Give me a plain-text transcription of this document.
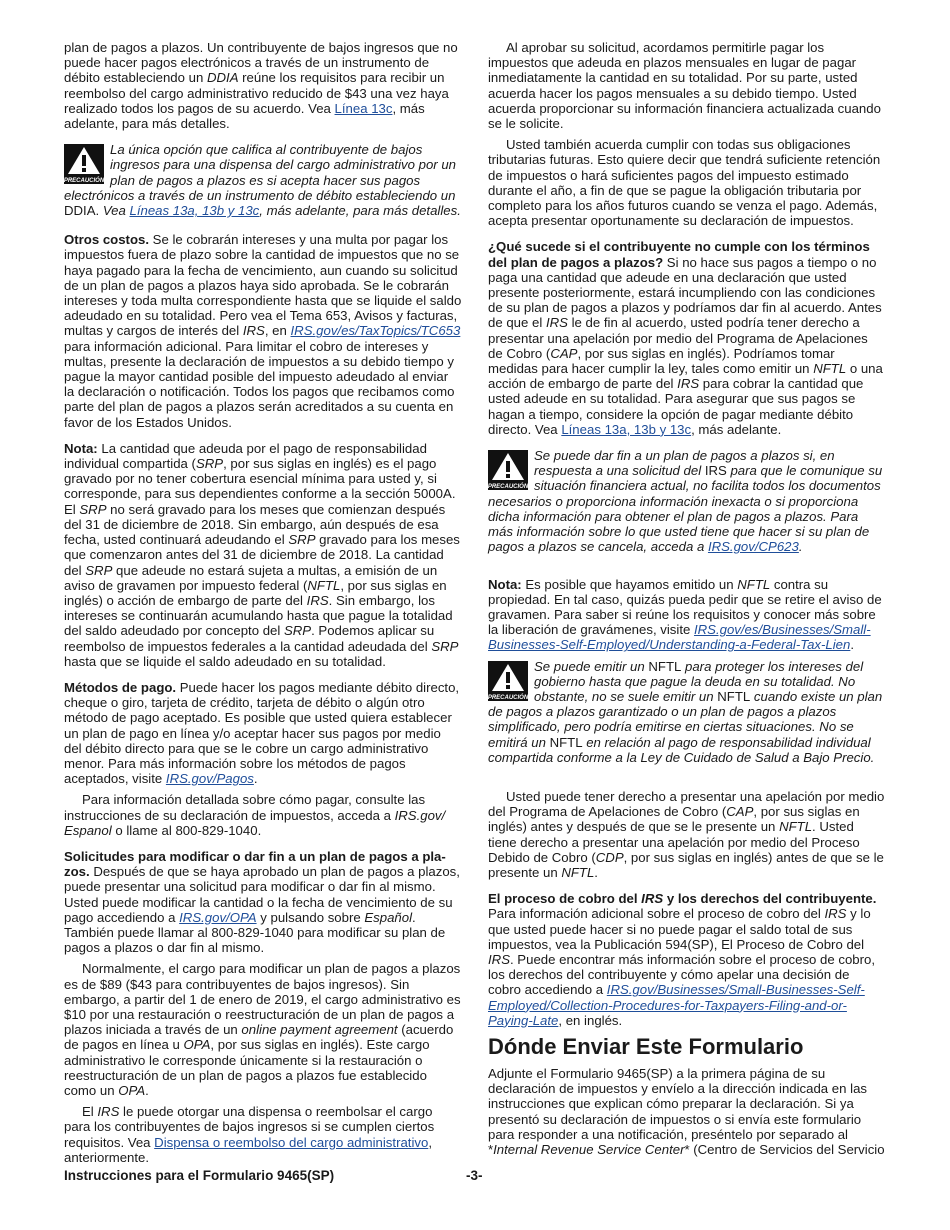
plan de pagos a plazos. Un contribuyente de bajos ingresos que no puede hacer pagos electrónicos a través de un instrumento de débito estableciendo un DDIA reúne los requisitos para recibir un reembolso del cargo administrativo reducido de $43 una vez haya realizado todos los pagos de su acuerdo. Vea Línea 13c, más adelante, para más detalles.

PRECAUCIÓN
La única opción que califica al contribuyente de bajos ingresos para una dispensa del cargo administrativo por un plan de pagos a plazos es si acepta hacer sus pagos electrónicos a través de un instrumento de débito estableciendo un DDIA. Vea Líneas 13a, 13b y 13c, más adelante, para más detalles.

Otros costos. Se le cobrarán intereses y una multa por pagar los impuestos fuera de plazo sobre la cantidad de impuestos que no se haya pagado para la fecha de vencimiento, aun cuando su solicitud de un plan de pagos a plazos haya sido aprobada. Se le cobrarán intereses y toda multa correspondiente hasta que se liquide el saldo adeudado en su totalidad. Pero vea el Tema 653, Avisos y facturas, multas y cargos de interés del IRS, en IRS.gov/es/TaxTopics/TC653 para información adicional. Para limitar el cobro de intereses y multas, presente la declaración de impuestos a su debido tiempo y pague la mayor cantidad posible del impuesto adeudado al enviar la declaración o notificación. Todos los pagos que recibamos como parte del plan de pagos a plazos serán acreditados a su cuenta en favor de los Estados Unidos.

Nota: La cantidad que adeuda por el pago de responsabilidad individual compartida (SRP, por sus siglas en inglés) es el pago gravado por no tener cobertura esencial mínima para usted y, si corresponde, para sus dependientes conforme a la sección 5000A. El SRP no será gravado para los meses que comienzan después del 31 de diciembre de 2018. Sin embargo, aún después de esa fecha, usted continuará adeudando el SRP gravado para los meses que comenzaron antes del 31 de diciembre de 2018. La cantidad del SRP que adeude no estará sujeta a multas, a emisión de un aviso de gravamen por impuesto federal (NFTL, por sus siglas en inglés) o acción de embargo de parte del IRS. Sin embargo, los intereses se continuarán acumulando hasta que pague la totalidad del saldo adeudado por concepto del SRP. Podemos aplicar su reembolso de impuestos federales a la cantidad adeudada del SRP hasta que se liquide el saldo adeudado en su totalidad.

Métodos de pago. Puede hacer los pagos mediante débito directo, cheque o giro, tarjeta de crédito, tarjeta de débito o algún otro método de pago aceptado. Es posible que usted quiera establecer un plan de pago en línea y/o aceptar hacer sus pagos por medio del débito directo para que se le cobre un cargo administrativo menor. Para más información sobre los métodos de pagos aceptados, visite IRS.gov/Pagos.

Para información detallada sobre cómo pagar, consulte las instrucciones de su declaración de impuestos, acceda a IRS.gov/ Espanol o llame al 800-829-1040.

Solicitudes para modificar o dar fin a un plan de pagos a pla-zos. Después de que se haya aprobado un plan de pagos a plazos, puede presentar una solicitud para modificar o dar fin al mismo. Usted puede modificar la cantidad o la fecha de vencimiento de su pago accediendo a IRS.gov/OPA y pulsando sobre Español. También puede llamar al 800-829-1040 para modificar su plan de pagos a plazos o dar fin al mismo.

Normalmente, el cargo para modificar un plan de pagos a plazos es de $89 ($43 para contribuyentes de bajos ingresos). Sin embargo, a partir del 1 de enero de 2019, el cargo administrativo es $10 por una restauración o reestructuración de un plan de pagos a plazos iniciada a través de un online payment agreement (acuerdo de pagos en línea u OPA, por sus siglas en inglés). Este cargo administrativo le corresponde únicamente si la restauración o reestructuración de un plan de pagos a plazos fue establecido como un OPA.

El IRS le puede otorgar una dispensa o reembolsar el cargo para los contribuyentes de bajos ingresos si se cumplen ciertos requisitos. Vea Dispensa o reembolso del cargo administrativo, anteriormente.

Al aprobar su solicitud, acordamos permitirle pagar los impuestos que adeuda en plazos mensuales en lugar de pagar inmediatamente la cantidad en su totalidad. Por su parte, usted acuerda hacer los pagos mensuales a su debido tiempo. Usted acuerda proporcionar su información financiera actualizada cuando se le solicite.

Usted también acuerda cumplir con todas sus obligaciones tributarias futuras. Esto quiere decir que tendrá suficiente retención de impuestos o hará suficientes pagos del impuesto estimado durante el año, a fin de que se pague la obligación tributaria por completo para los años futuros cuando se venza el pago. Además, acepta presentar oportunamente su declaración de impuestos.

¿Qué sucede si el contribuyente no cumple con los términos del plan de pagos a plazos? Si no hace sus pagos a tiempo o no paga una cantidad que adeude en una declaración que usted presente posteriormente, estará incumpliendo con las condiciones de su plan de pagos a plazos y podríamos dar fin al acuerdo. Antes de que el IRS le de fin al acuerdo, usted podría tener derecho a presentar una apelación por medio del Programa de Apelaciones de Cobro (CAP, por sus siglas en inglés). Podríamos tomar medidas para hacer cumplir la ley, tales como emitir un NFTL o una acción de embargo de parte del IRS para cobrar la cantidad que usted adeude en su totalidad. Para asegurar que sus pagos se hagan a tiempo, considere la opción de pagar mediante débito directo. Vea Líneas 13a, 13b y 13c, más adelante.

PRECAUCIÓN
Se puede dar fin a un plan de pagos a plazos si, en respuesta a una solicitud del IRS para que le comunique su situación financiera actual, no facilita todos los documentos necesarios o proporciona información inexacta o si proporciona dicha información para obtener el plan de pagos a plazos. Para más información sobre lo que usted tiene que hacer si su plan de pagos a plazos se cancela, acceda a IRS.gov/CP623.

Nota: Es posible que hayamos emitido un NFTL contra su propiedad. En tal caso, quizás pueda pedir que se retire el aviso de gravamen. Para saber si reúne los requisitos y conocer más sobre la liberación de gravámenes, visite IRS.gov/es/Businesses/Small-Businesses-Self-Employed/Understanding-a-Federal-Tax-Lien.

PRECAUCIÓN
Se puede emitir un NFTL para proteger los intereses del gobierno hasta que pague la deuda en su totalidad. No obstante, no se suele emitir un NFTL cuando existe un plan de pagos a plazos garantizado o un plan de pagos a plazos simplificado, pero podría emitirse en ciertas situaciones. No se emitirá un NFTL en relación al pago de responsabilidad individual compartida conforme a la Ley de Cuidado de Salud a Bajo Precio.

Usted puede tener derecho a presentar una apelación por medio del Programa de Apelaciones de Cobro (CAP, por sus siglas en inglés) antes y después de que se le presente un NFTL. Usted tiene derecho a presentar una apelación por medio del Proceso Debido de Cobro (CDP, por sus siglas en inglés) antes de que se le presente un NFTL.

El proceso de cobro del IRS y los derechos del contribuyente. Para información adicional sobre el proceso de cobro del IRS y lo que usted puede hacer si no puede pagar el saldo total de sus impuestos, vea la Publicación 594(SP), El Proceso de Cobro del IRS. Puede encontrar más información sobre el proceso de cobro, los derechos del contribuyente y cómo apelar una decisión de cobro accediendo a IRS.gov/Businesses/Small-Businesses-Self-Employed/Collection-Procedures-for-Taxpayers-Filing-and-or-Paying-Late, en inglés.

Dónde Enviar Este Formulario

Adjunte el Formulario 9465(SP) a la primera página de su declaración de impuestos y envíelo a la dirección indicada en las instrucciones que explican cómo preparar la declaración. Si ya presentó su declaración de impuestos o si envía este formulario para responder a una notificación, preséntelo por separado al *Internal Revenue Service Center* (Centro de Servicios del Servicio

Instrucciones para el Formulario 9465(SP)	-3-
